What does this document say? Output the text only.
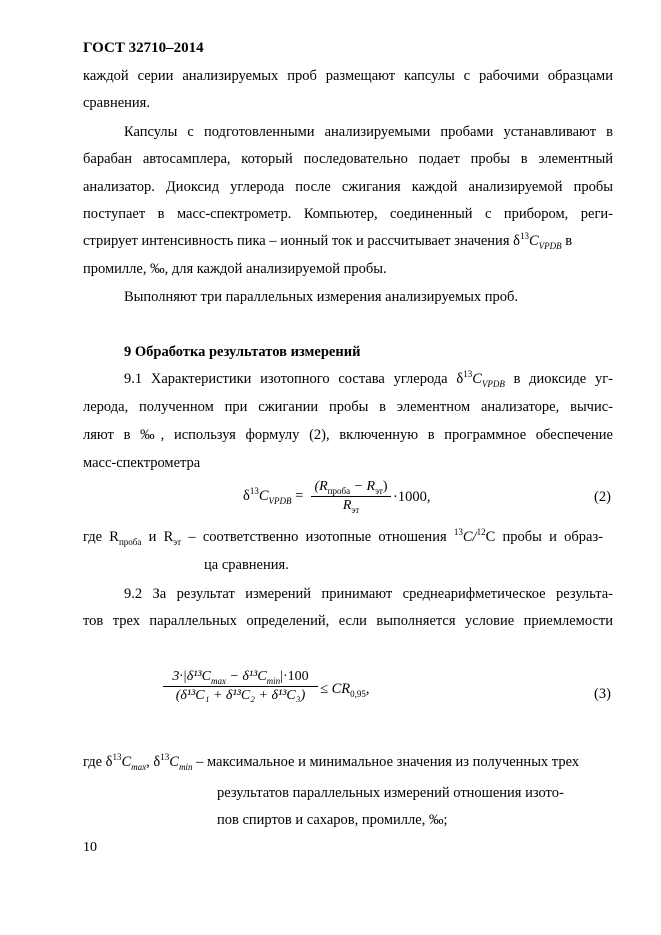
ГОСТ 32710–2014
каждой серии анализируемых проб размещают капсулы с рабочими образцами
сравнения.
Капсулы с подготовленными анализируемыми пробами устанавливают в
барабан автосамплера, который последовательно подает пробы в элементный
анализатор. Диоксид углерода после сжигания каждой анализируемой пробы
поступает в масс-спектрометр. Компьютер, соединенный с прибором, реги-
стрирует интенсивность пика – ионный ток и рассчитывает значения $\delta^{13}C_{VPDB}$ в
промилле, ‰, для каждой анализируемой пробы.
Выполняют три параллельных измерения анализируемых проб.
9 Обработка результатов измерений
9.1 Характеристики изотопного состава углерода $\delta^{13}C_{VPDB}$ в диоксиде уг-
лерода, полученном при сжигании пробы в элементном анализаторе, вычис-
ляют в ‰, используя формулу (2), включенную в программное обеспечение
масс-спектрометра
$\delta^{13}C_{VPDB}$ =
$(R_{проба} - R_{эт})$
$R_{эт}$
·1000,	(2)
где $R_{проба}$ и $R_{эт}$ – соответственно изотопные отношения $^{13}$C/$^{12}$C пробы и образ-
ца сравнения.
9.2 За результат измерений принимают среднеарифметическое результа-
тов трех параллельных определений, если выполняется условие приемлемости
$3\cdot|\delta^{13}C_{max} - \delta^{13}C_{min}|\cdot 100$
(δ¹³C₁ + δ¹³C₂ + δ¹³C₃)	≤ $CR_{0,95}$,	(3)
где $\delta^{13}C_{max}$, $\delta^{13}C_{min}$ – максимальное и минимальное значения из полученных трех
результатов параллельных измерений отношения изото-
пов спиртов и сахаров, промилле, ‰;
10
